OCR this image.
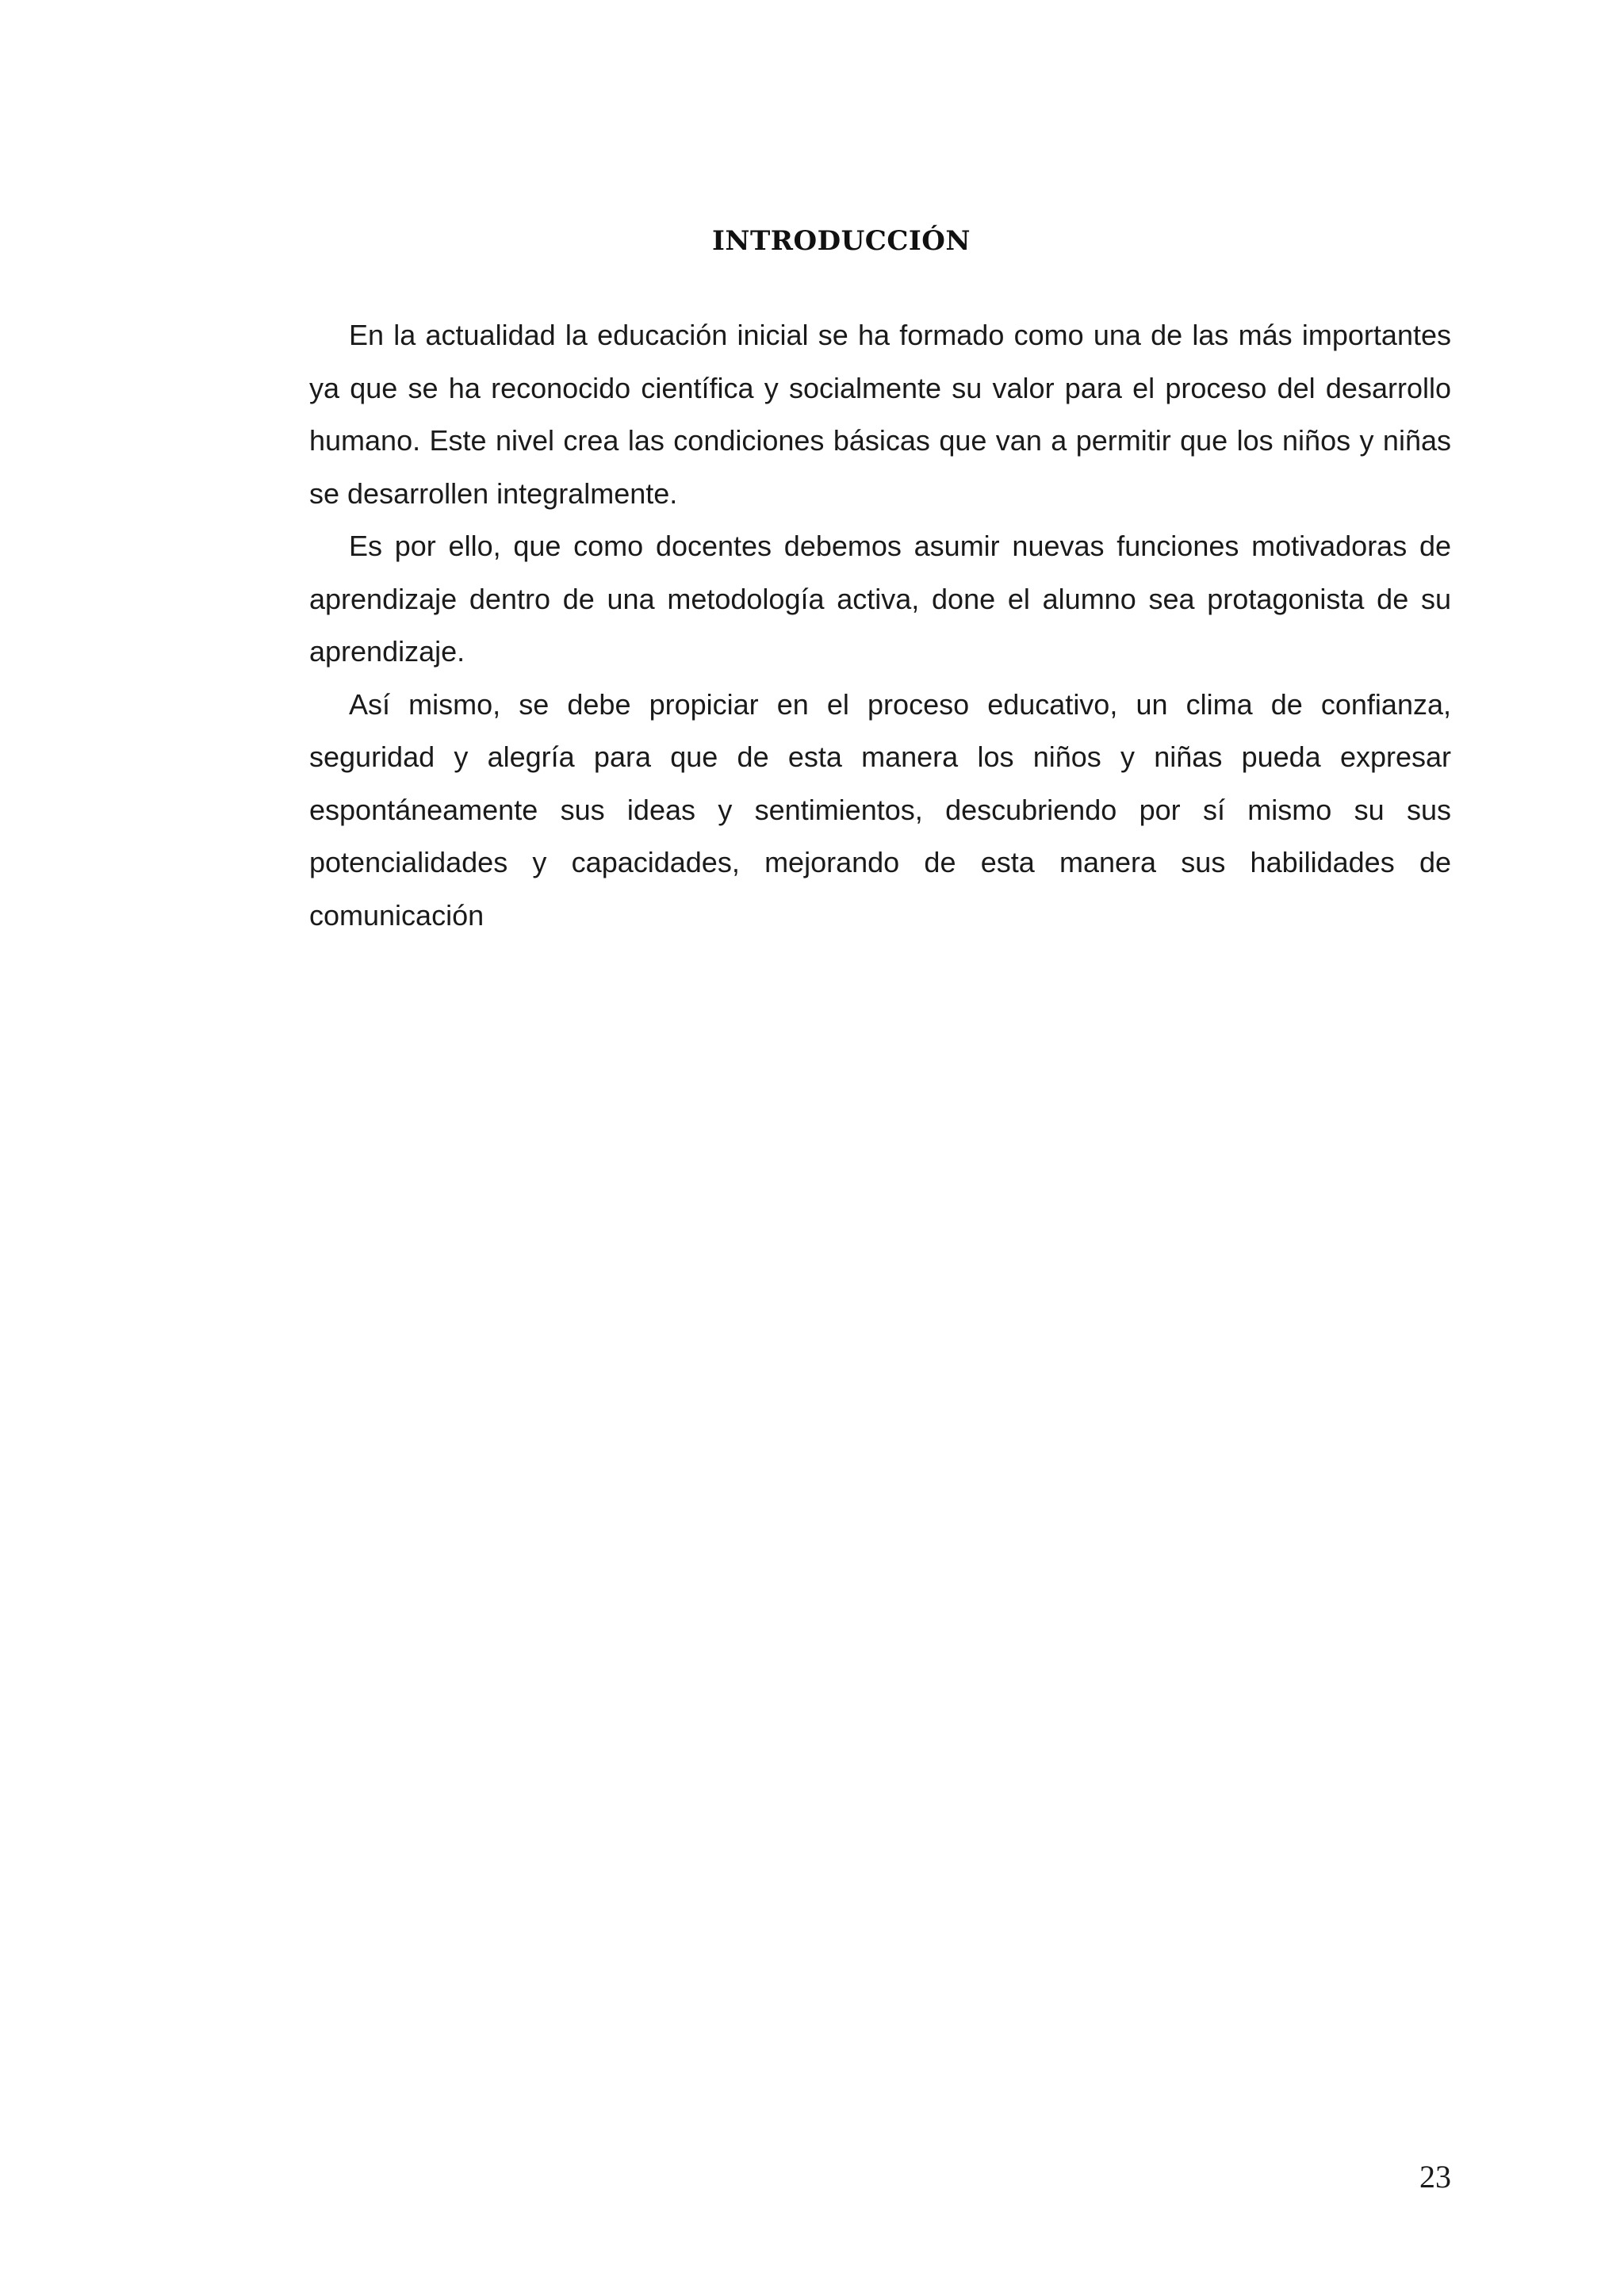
INTRODUCCIÓN

En la actualidad la educación inicial se ha formado como una de las más importantes ya que se ha reconocido científica y socialmente su valor para el proceso del desarrollo humano. Este nivel crea las condiciones básicas que van a permitir que los niños y niñas se desarrollen integralmente.

Es por ello, que como docentes debemos asumir nuevas funciones motivadoras de aprendizaje dentro de una metodología activa, done el alumno sea protagonista de su aprendizaje.

Así mismo, se debe propiciar en el proceso educativo, un clima de confianza, seguridad y alegría para que de esta manera los niños y niñas pueda expresar espontáneamente sus ideas y sentimientos, descubriendo por sí mismo su sus potencialidades y capacidades, mejorando de esta manera sus habilidades de comunicación

23
